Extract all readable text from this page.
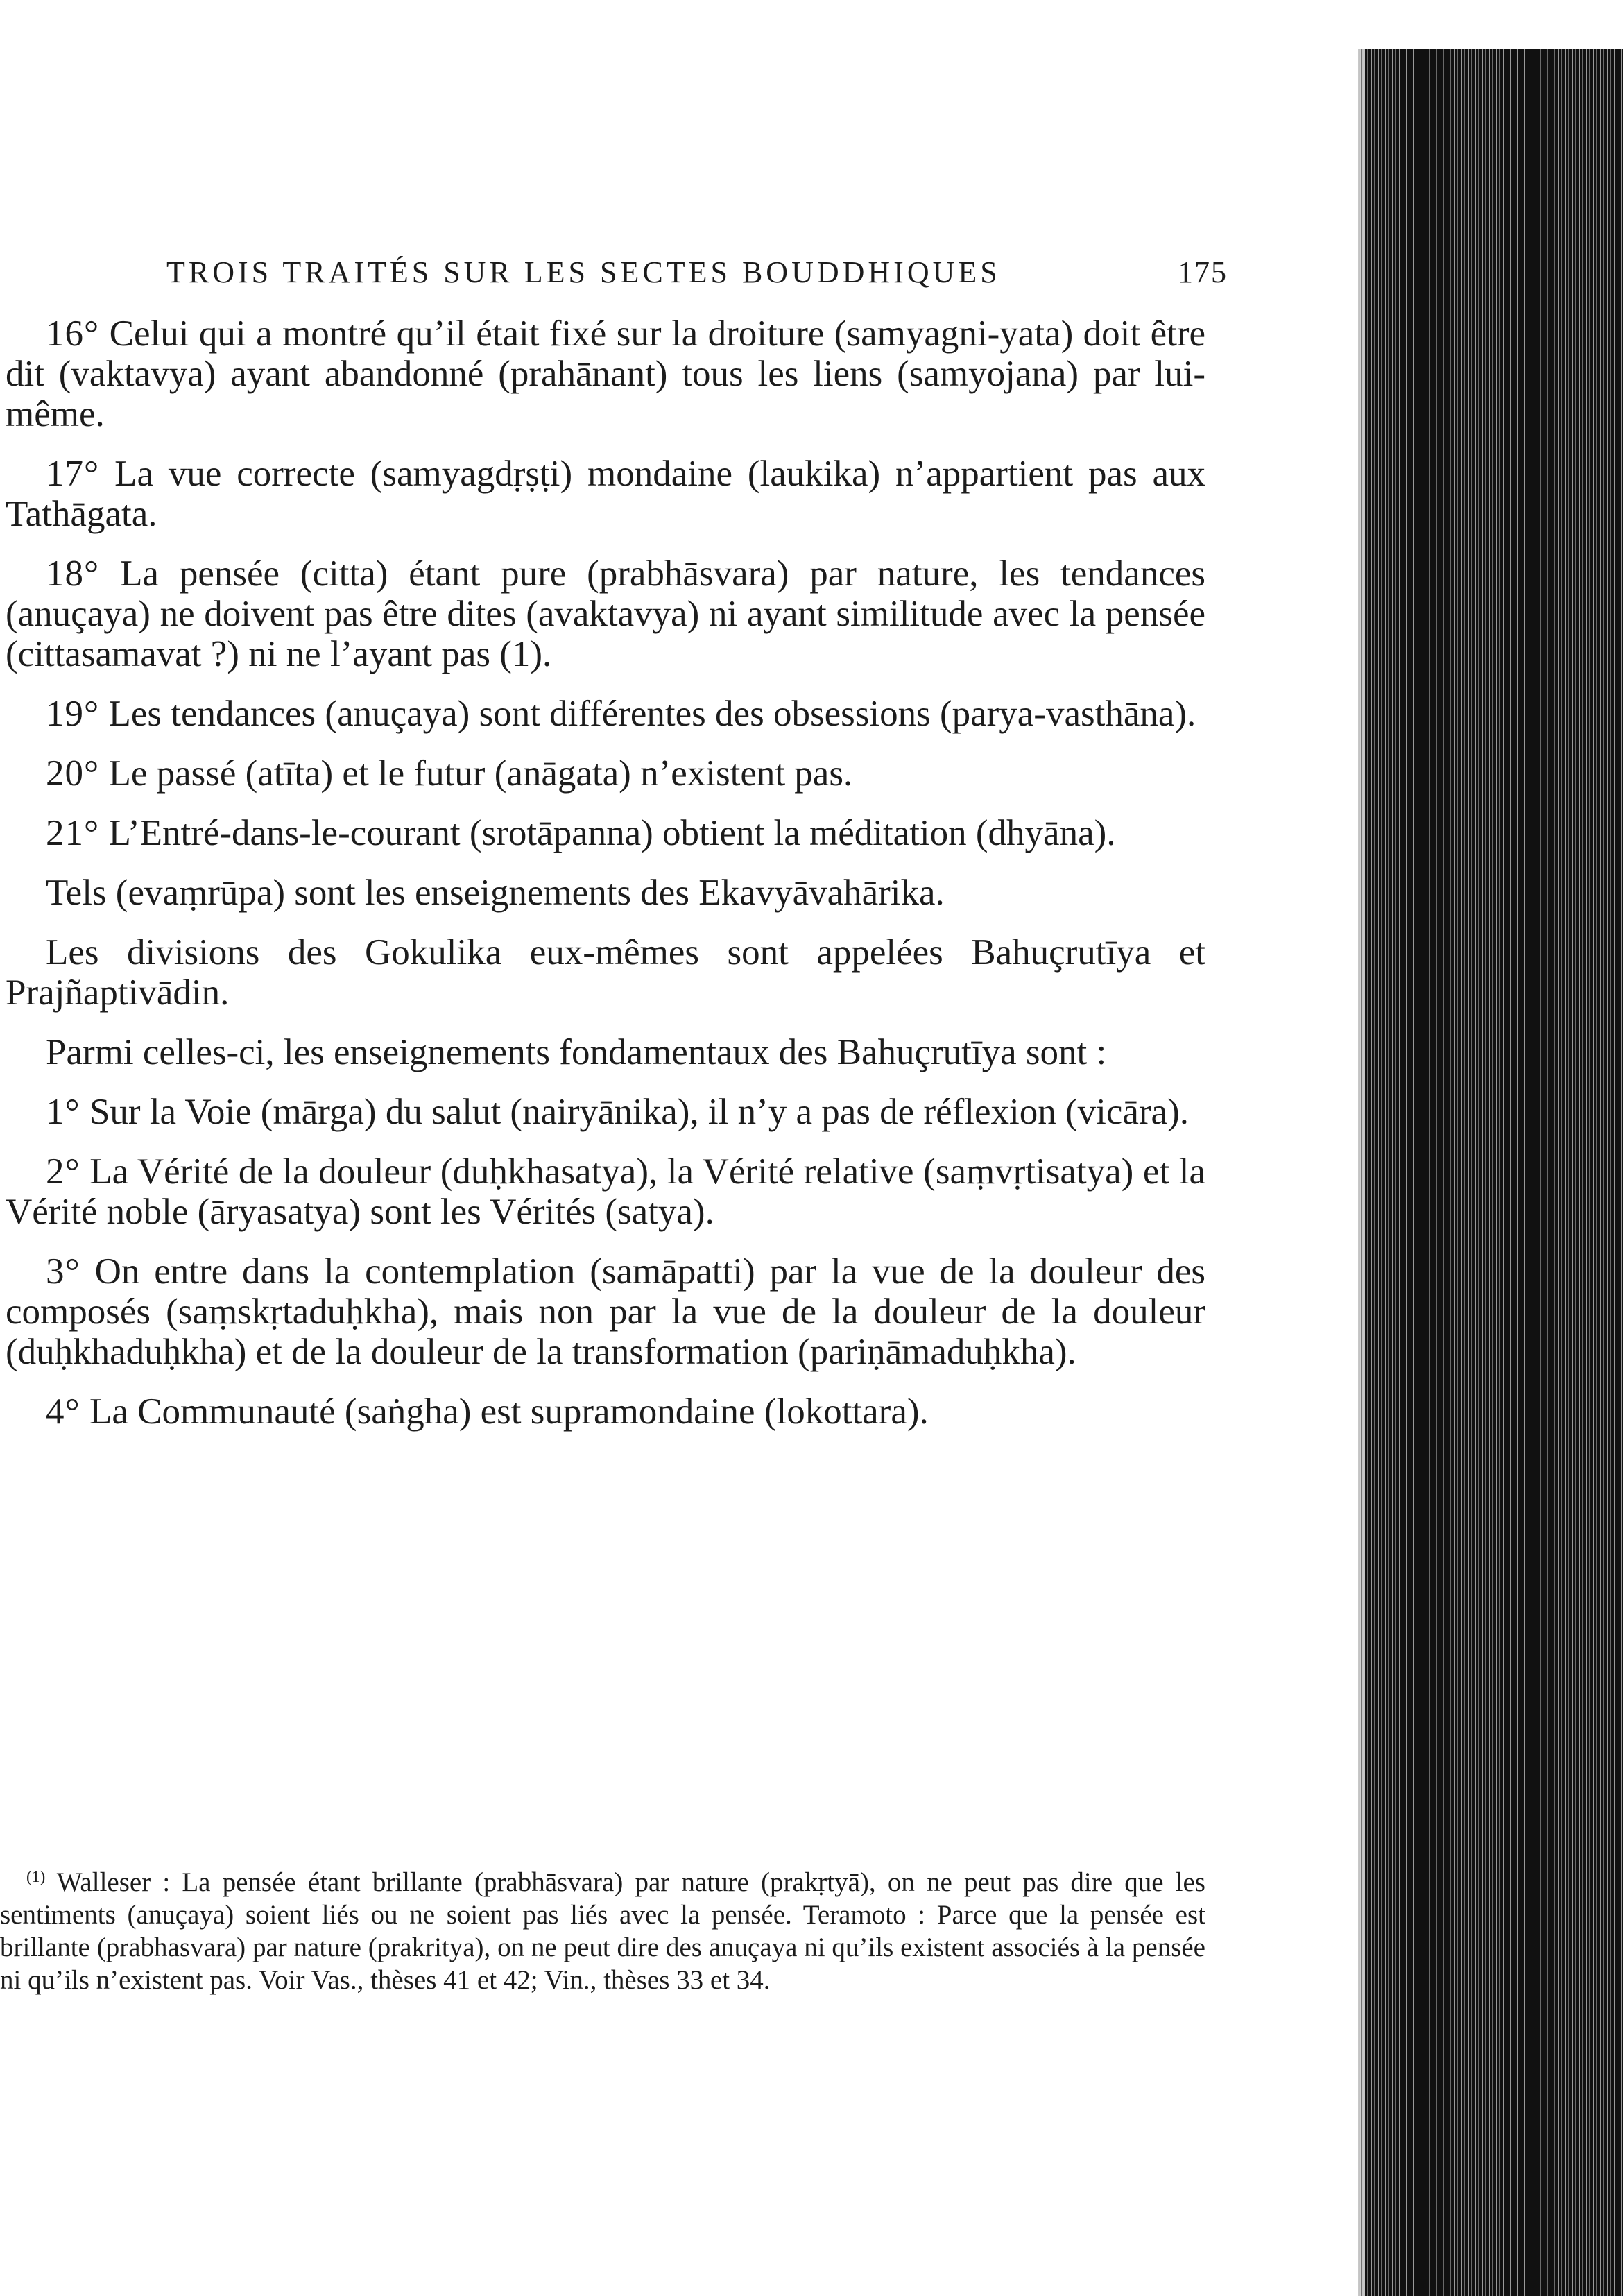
TROIS TRAITÉS SUR LES SECTES BOUDDHIQUES	175

16° Celui qui a montré qu’il était fixé sur la droiture (samyagni-yata) doit être dit (vaktavya) ayant abandonné (prahānant) tous les liens (samyojana) par lui-même.

17° La vue correcte (samyagdṛṣṭi) mondaine (laukika) n’appartient pas aux Tathāgata.

18° La pensée (citta) étant pure (prabhāsvara) par nature, les tendances (anuçaya) ne doivent pas être dites (avaktavya) ni ayant similitude avec la pensée (cittasamavat ?) ni ne l’ayant pas (1).

19° Les tendances (anuçaya) sont différentes des obsessions (parya-vasthāna).

20° Le passé (atīta) et le futur (anāgata) n’existent pas.

21° L’Entré-dans-le-courant (srotāpanna) obtient la méditation (dhyāna).

Tels (evaṃrūpa) sont les enseignements des Ekavyāvahārika.

Les divisions des Gokulika eux-mêmes sont appelées Bahuçrutīya et Prajñaptivādin.

Parmi celles-ci, les enseignements fondamentaux des Bahuçrutīya sont :

1° Sur la Voie (mārga) du salut (nairyānika), il n’y a pas de réflexion (vicāra).

2° La Vérité de la douleur (duḥkhasatya), la Vérité relative (saṃvṛtisatya) et la Vérité noble (āryasatya) sont les Vérités (satya).

3° On entre dans la contemplation (samāpatti) par la vue de la douleur des composés (saṃskṛtaduḥkha), mais non par la vue de la douleur de la douleur (duḥkhaduḥkha) et de la douleur de la transformation (pariṇāmaduḥkha).

4° La Communauté (saṅgha) est supramondaine (lokottara).

$^{(1)}$ Walleser : La pensée étant brillante (prabhāsvara) par nature (prakṛtyā), on ne peut pas dire que les sentiments (anuçaya) soient liés ou ne soient pas liés avec la pensée. Teramoto : Parce que la pensée est brillante (prabhasvara) par nature (prakritya), on ne peut dire des anuçaya ni qu’ils existent associés à la pensée ni qu’ils n’existent pas. Voir Vas., thèses 41 et 42; Vin., thèses 33 et 34.
